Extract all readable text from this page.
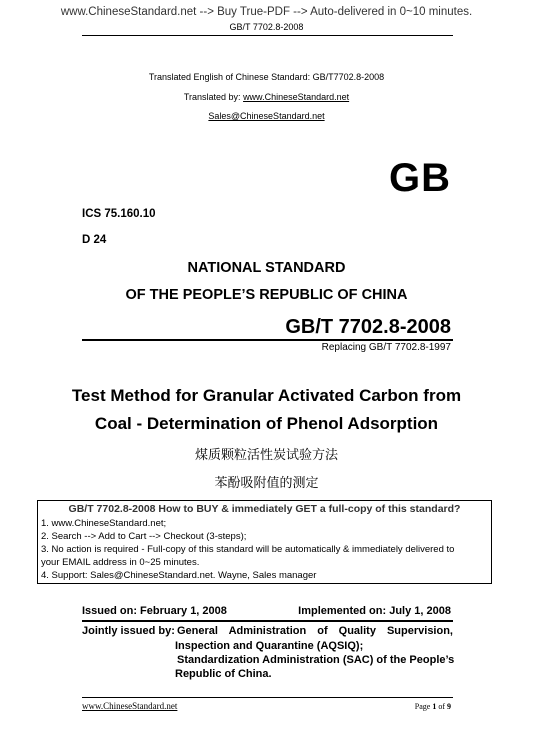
www.ChineseStandard.net --> Buy True-PDF --> Auto-delivered in 0~10 minutes.
GB/T 7702.8-2008
Translated English of Chinese Standard: GB/T7702.8-2008
Translated by: www.ChineseStandard.net
Sales@ChineseStandard.net
GB
ICS 75.160.10
D 24
NATIONAL STANDARD
OF THE PEOPLE’S REPUBLIC OF CHINA
GB/T 7702.8-2008
Replacing GB/T 7702.8-1997
Test Method for Granular Activated Carbon from
Coal - Determination of Phenol Adsorption
煤质颗粒活性炭试验方法
苯酚吸附值的测定
GB/T 7702.8-2008 How to BUY & immediately GET a full-copy of this standard?
1. www.ChineseStandard.net;
2. Search --> Add to Cart --> Checkout (3-steps);
3. No action is required - Full-copy of this standard will be automatically & immediately delivered to
your EMAIL address in 0~25 minutes.
4. Support: Sales@ChineseStandard.net. Wayne, Sales manager
Issued on: February 1, 2008	Implemented on: July 1, 2008
Jointly issued by: General Administration of Quality Supervision,
Inspection and Quarantine (AQSIQ);
Standardization Administration (SAC) of the People’s
Republic of China.
www.ChineseStandard.net	Page 1 of 9
